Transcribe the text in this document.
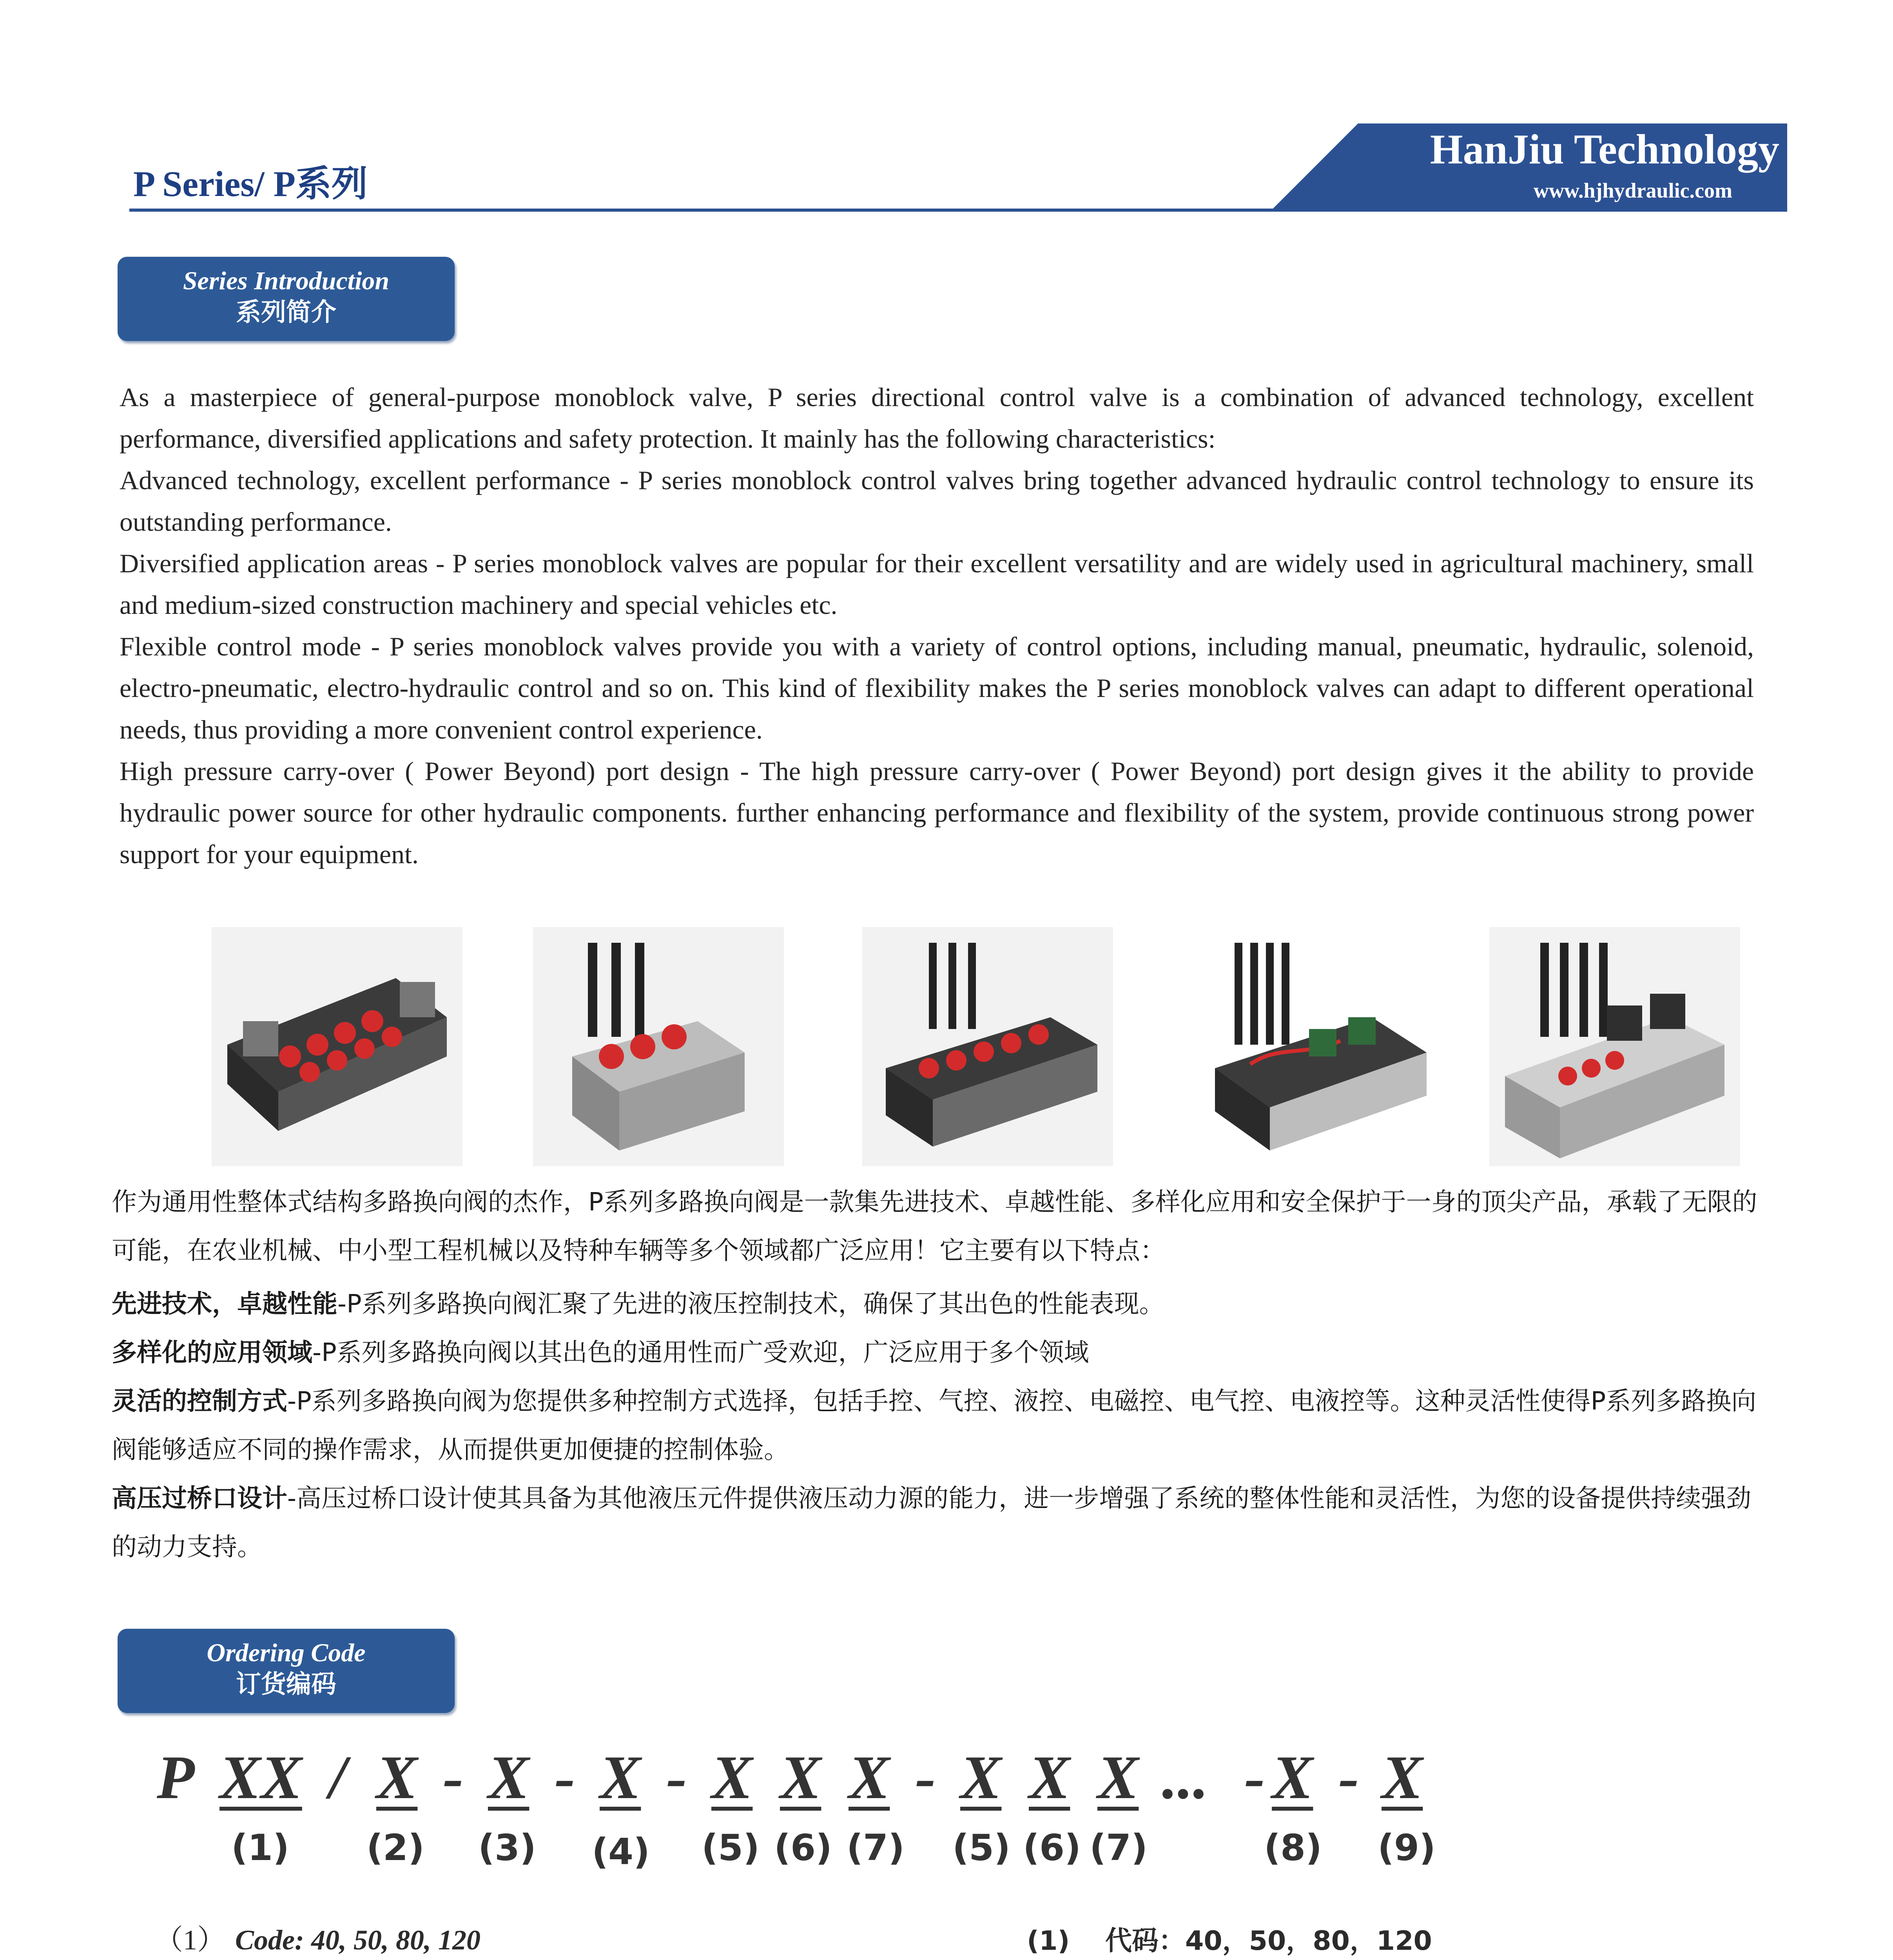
P Series/ P系列
HanJiu Technology
www.hjhydraulic.com
Series Introduction
系列简介

As a masterpiece of general-purpose monoblock valve, P series directional control valve is a combination of advanced technology, excellent performance, diversified applications and safety protection. It mainly has the following characteristics:

Advanced technology, excellent performance - P series monoblock control valves bring together advanced hydraulic control technology to ensure its outstanding performance.

Diversified application areas - P series monoblock valves are popular for their excellent versatility and are widely used in agricultural machinery, small and medium-sized construction machinery and special vehicles etc.

Flexible control mode - P series monoblock valves provide you with a variety of control options, including manual, pneumatic, hydraulic, solenoid, electro-pneumatic, electro-hydraulic control and so on. This kind of flexibility makes the P series monoblock valves can adapt to different operational needs, thus providing a more convenient control experience.

High pressure carry-over ( Power Beyond) port design - The high pressure carry-over ( Power Beyond) port design gives it the ability to provide hydraulic power source for other hydraulic components. further enhancing performance and flexibility of the system, provide continuous strong power support for your equipment.

作为通用性整体式结构多路换向阀的杰作，P系列多路换向阀是一款集先进技术、卓越性能、多样化应用和安全保护于一身的顶尖产品，承载了无限的可能，在农业机械、中小型工程机械以及特种车辆等多个领域都广泛应用！它主要有以下特点：

先进技术，卓越性能-P系列多路换向阀汇聚了先进的液压控制技术，确保了其出色的性能表现。

多样化的应用领域-P系列多路换向阀以其出色的通用性而广受欢迎，广泛应用于多个领域

灵活的控制方式-P系列多路换向阀为您提供多种控制方式选择，包括手控、气控、液控、电磁控、电气控、电液控等。这种灵活性使得P系列多路换向阀能够适应不同的操作需求，从而提供更加便捷的控制体验。

高压过桥口设计-高压过桥口设计使其具备为其他液压元件提供液压动力源的能力，进一步增强了系统的整体性能和灵活性，为您的设备提供持续强劲的动力支持。

Ordering Code
订货编码
P XX / X - X - X - X X X - X X X ... - X - X
(1) (2) (3) (4) (5) (6) (7) (5) (6) (7)	(8) (9)
（1） Code: 40, 50, 80, 120	(1) 代码：40，50，80，120
